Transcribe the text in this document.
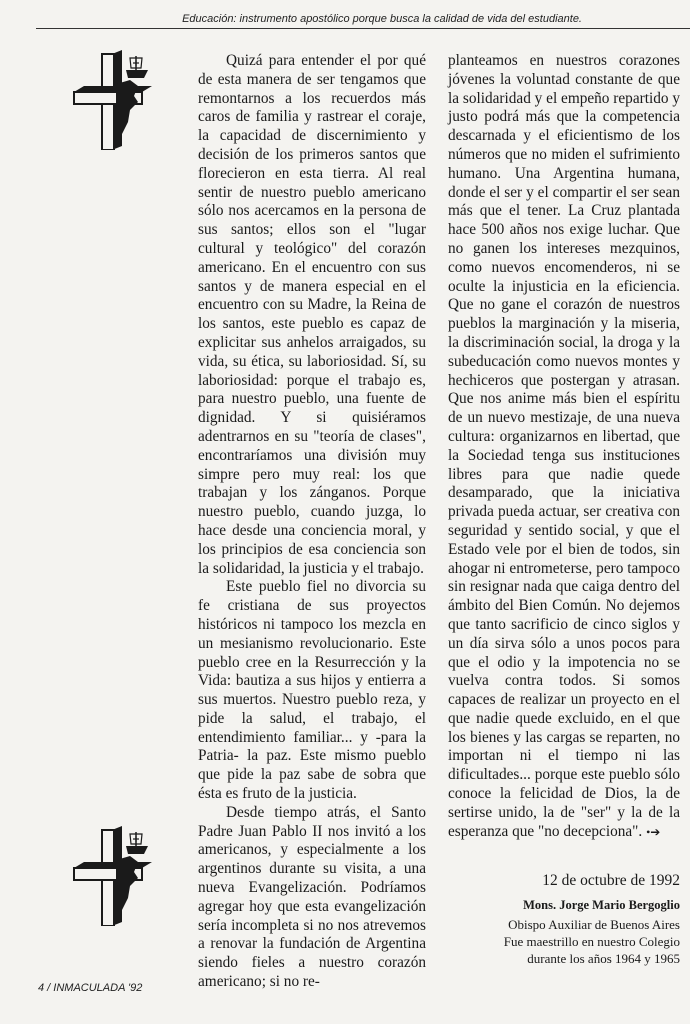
Educación: instrumento apostólico porque busca la calidad de vida del estudiante.

Quizá para entender el por qué de esta manera de ser tengamos que remontarnos a los recuerdos más caros de familia y rastrear el coraje, la capacidad de discernimiento y decisión de los primeros santos que florecieron en esta tierra. Al real sentir de nuestro pueblo americano sólo nos acercamos en la persona de sus santos; ellos son el "lugar cultural y teológico" del corazón americano. En el encuentro con sus santos y de manera especial en el encuentro con su Madre, la Reina de los santos, este pueblo es capaz de explicitar sus anhelos arraigados, su vida, su ética, su laboriosidad. Sí, su laboriosidad: porque el trabajo es, para nuestro pueblo, una fuente de dignidad. Y si quisiéramos adentrarnos en su "teoría de clases", encontraríamos una división muy simpre pero muy real: los que trabajan y los zánganos. Porque nuestro pueblo, cuando juzga, lo hace desde una conciencia moral, y los principios de esa conciencia son la solidaridad, la justicia y el trabajo.

Este pueblo fiel no divorcia su fe cristiana de sus proyectos históricos ni tampoco los mezcla en un mesianismo revolucionario. Este pueblo cree en la Resurrección y la Vida: bautiza a sus hijos y entierra a sus muertos. Nuestro pueblo reza, y pide la salud, el trabajo, el entendimiento familiar... y -para la Patria- la paz. Este mismo pueblo que pide la paz sabe de sobra que ésta es fruto de la justicia.

Desde tiempo atrás, el Santo Padre Juan Pablo II nos invitó a los americanos, y especialmente a los argentinos durante su visita, a una nueva Evangelización. Podríamos agregar hoy que esta evangelización sería incompleta si no nos atrevemos a renovar la fundación de Argentina siendo fieles a nuestro corazón americano; si no re-

planteamos en nuestros corazones jóvenes la voluntad constante de que la solidaridad y el empeño repartido y justo podrá más que la competencia descarnada y el eficientismo de los números que no miden el sufrimiento humano. Una Argentina humana, donde el ser y el compartir el ser sean más que el tener. La Cruz plantada hace 500 años nos exige luchar. Que no ganen los intereses mezquinos, como nuevos encomenderos, ni se oculte la injusticia en la eficiencia. Que no gane el corazón de nuestros pueblos la marginación y la miseria, la discriminación social, la droga y la subeducación como nuevos montes y hechiceros que postergan y atrasan. Que nos anime más bien el espíritu de un nuevo mestizaje, de una nueva cultura: organizarnos en libertad, que la Sociedad tenga sus instituciones libres para que nadie quede desamparado, que la iniciativa privada pueda actuar, ser creativa con seguridad y sentido social, y que el Estado vele por el bien de todos, sin ahogar ni entrometerse, pero tampoco sin resignar nada que caiga dentro del ámbito del Bien Común. No dejemos que tanto sacrificio de cinco siglos y un día sirva sólo a unos pocos para que el odio y la impotencia no se vuelva contra todos. Si somos capaces de realizar un proyecto en el que nadie quede excluido, en el que los bienes y las cargas se reparten, no importan ni el tiempo ni las dificultades... porque este pueblo sólo conoce la felicidad de Dios, la de sertirse unido, la de "ser" y la de la esperanza que "no decepciona". •➔

12 de octubre de 1992
Mons. Jorge Mario Bergoglio
Obispo Auxiliar de Buenos Aires
Fue maestrillo en nuestro Colegio
durante los años 1964 y 1965
4 / INMACULADA '92
